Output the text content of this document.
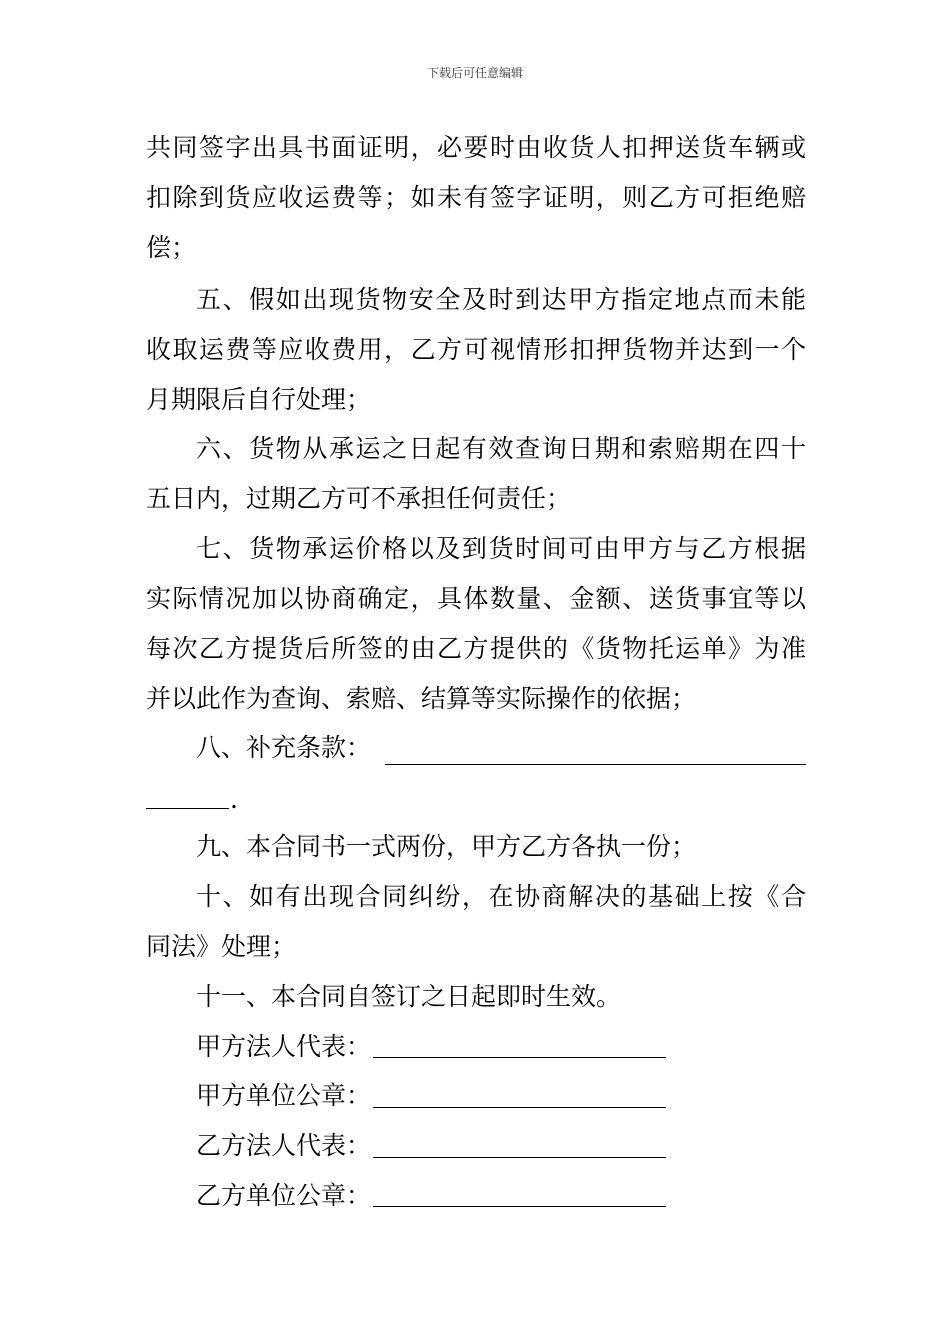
下载后可任意编辑
共同签字出具书面证明，必要时由收货人扣押送货车辆或
扣除到货应收运费等；如未有签字证明，则乙方可拒绝赔
偿；
五、假如出现货物安全及时到达甲方指定地点而未能
收取运费等应收费用，乙方可视情形扣押货物并达到一个
月期限后自行处理；
六、货物从承运之日起有效查询日期和索赔期在四十
五日内，过期乙方可不承担任何责任；
七、货物承运价格以及到货时间可由甲方与乙方根据
实际情况加以协商确定，具体数量、金额、送货事宜等以
每次乙方提货后所签的由乙方提供的《货物托运单》为准
并以此作为查询、索赔、结算等实际操作的依据；
八、补充条款：
.
九、本合同书一式两份，甲方乙方各执一份；
十、如有出现合同纠纷，在协商解决的基础上按《合
同法》处理；
十一、本合同自签订之日起即时生效。
甲方法人代表：
甲方单位公章：
乙方法人代表：
乙方单位公章：
